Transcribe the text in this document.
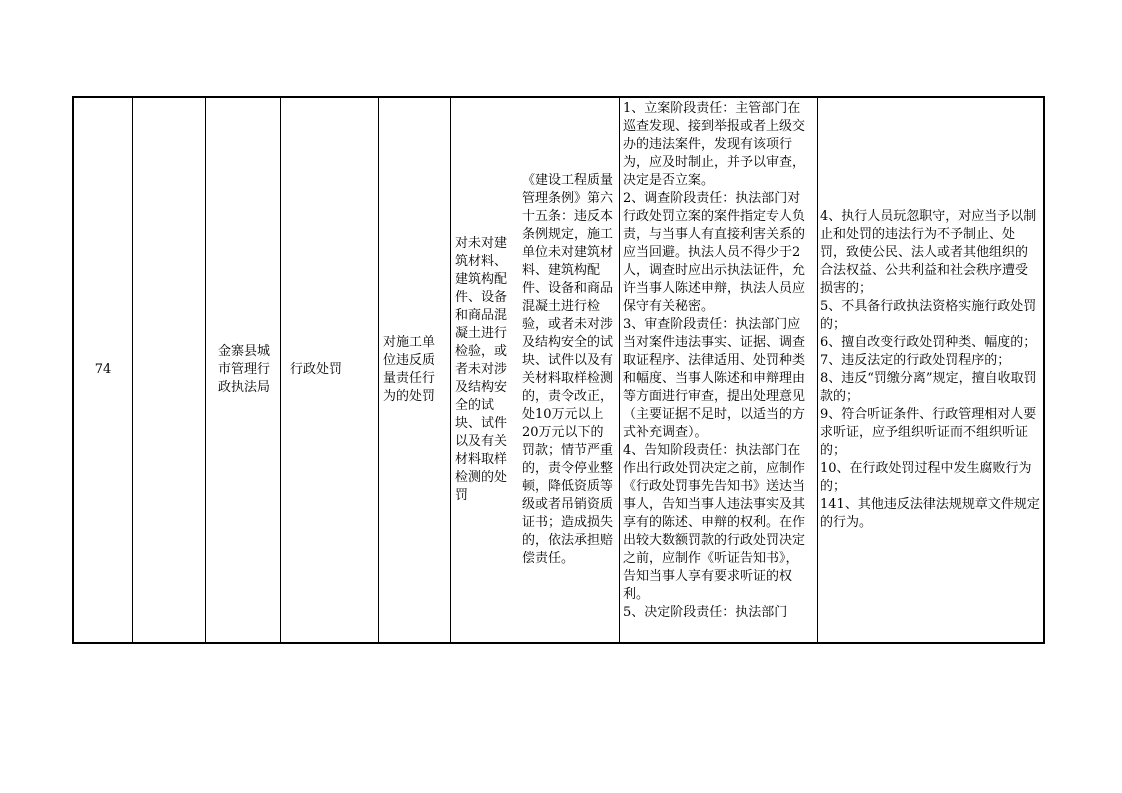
74
金寨县城市管理行政执法局
行政处罚
对施工单位违反质量责任行为的处罚
对未对建筑材料、建筑构配件、设备和商品混凝土进行检验，或者未对涉及结构安全的试块、试件以及有关材料取样检测的处罚
《建设工程质量管理条例》第六十五条：违反本条例规定，施工单位未对建筑材料、建筑构配件、设备和商品混凝土进行检验，或者未对涉及结构安全的试块、试件以及有关材料取样检测的，责令改正，处10万元以上20万元以下的罚款；情节严重的，责令停业整顿，降低资质等级或者吊销资质证书；造成损失的，依法承担赔偿责任。
1、立案阶段责任：主管部门在巡查发现、接到举报或者上级交办的违法案件，发现有该项行为，应及时制止，并予以审查，决定是否立案。
2、调查阶段责任：执法部门对行政处罚立案的案件指定专人负责，与当事人有直接利害关系的应当回避。执法人员不得少于2人，调查时应出示执法证件，允许当事人陈述申辩，执法人员应保守有关秘密。
3、审查阶段责任：执法部门应当对案件违法事实、证据、调查取证程序、法律适用、处罚种类和幅度、当事人陈述和申辩理由等方面进行审查，提出处理意见（主要证据不足时，以适当的方式补充调查）。
4、告知阶段责任：执法部门在作出行政处罚决定之前，应制作《行政处罚事先告知书》送达当事人，告知当事人违法事实及其享有的陈述、申辩的权利。在作出较大数额罚款的行政处罚决定之前，应制作《听证告知书》，告知当事人享有要求听证的权利。
5、决定阶段责任：执法部门
4、执行人员玩忽职守，对应当予以制止和处罚的违法行为不予制止、处罚，致使公民、法人或者其他组织的合法权益、公共利益和社会秩序遭受损害的；
5、不具备行政执法资格实施行政处罚的；
6、擅自改变行政处罚种类、幅度的；
7、违反法定的行政处罚程序的；
8、违反“罚缴分离”规定，擅自收取罚款的；
9、符合听证条件、行政管理相对人要求听证，应予组织听证而不组织听证的；
10、在行政处罚过程中发生腐败行为的；
141、其他违反法律法规规章文件规定的行为。
